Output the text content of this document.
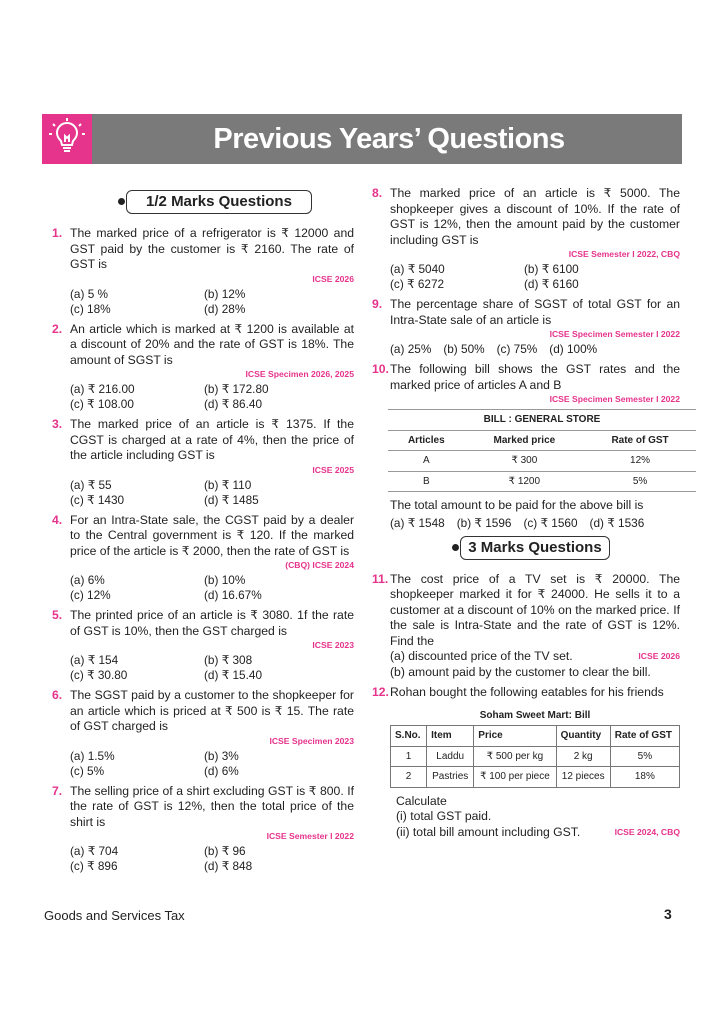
Previous Years’ Questions
1/2 Marks Questions
1. The marked price of a refrigerator is ₹ 12000 and GST paid by the customer is ₹ 2160. The rate of GST is
ICSE 2026
(a) 5 %	(b) 12%
(c) 18%	(d) 28%
2. An article which is marked at ₹ 1200 is available at a discount of 20% and the rate of GST is 18%. The amount of SGST is
ICSE Specimen 2026, 2025
(a) ₹ 216.00	(b) ₹ 172.80
(c) ₹ 108.00	(d) ₹ 86.40
3. The marked price of an article is ₹ 1375. If the CGST is charged at a rate of 4%, then the price of the article including GST is
ICSE 2025
(a) ₹ 55	(b) ₹ 110
(c) ₹ 1430	(d) ₹ 1485
4. For an Intra-State sale, the CGST paid by a dealer to the Central government is ₹ 120. If the marked price of the article is ₹ 2000, then the rate of GST is
(CBQ) ICSE 2024
(a) 6%	(b) 10%
(c) 12%	(d) 16.67%
5. The printed price of an article is ₹ 3080. 1f the rate of GST is 10%, then the GST charged is
ICSE 2023
(a) ₹ 154	(b) ₹ 308
(c) ₹ 30.80	(d) ₹ 15.40
6. The SGST paid by a customer to the shopkeeper for an article which is priced at ₹ 500 is ₹ 15. The rate of GST charged is
ICSE Specimen 2023
(a) 1.5%	(b) 3%
(c) 5%	(d) 6%
7. The selling price of a shirt excluding GST is ₹ 800. If the rate of GST is 12%, then the total price of the shirt is
ICSE Semester I 2022
(a) ₹ 704	(b) ₹ 96
(c) ₹ 896	(d) ₹ 848
8. The marked price of an article is ₹ 5000. The shopkeeper gives a discount of 10%. If the rate of GST is 12%, then the amount paid by the customer including GST is
ICSE Semester I 2022, CBQ
(a) ₹ 5040	(b) ₹ 6100
(c) ₹ 6272	(d) ₹ 6160
9. The percentage share of SGST of total GST for an Intra-State sale of an article is
ICSE Specimen Semester I 2022
(a) 25% (b) 50% (c) 75% (d) 100%
10. The following bill shows the GST rates and the marked price of articles A and B
ICSE Specimen Semester I 2022
BILL : GENERAL STORE
Articles	Marked price	Rate of GST
A	₹ 300	12%
B	₹ 1200	5%
The total amount to be paid for the above bill is
(a) ₹ 1548 (b) ₹ 1596 (c) ₹ 1560 (d) ₹ 1536
3 Marks Questions
11. The cost price of a TV set is ₹ 20000. The shopkeeper marked it for ₹ 24000. He sells it to a customer at a discount of 10% on the marked price. If the sale is Intra-State and the rate of GST is 12%. Find the
(a) discounted price of the TV set.	ICSE 2026
(b) amount paid by the customer to clear the bill.
12. Rohan bought the following eatables for his friends
Soham Sweet Mart: Bill
S.No.	Item	Price	Quantity	Rate of GST
1	Laddu	₹ 500 per kg	2 kg	5%
2	Pastries	₹ 100 per piece	12 pieces	18%
Calculate
(i) total GST paid.
(ii) total bill amount including GST.	ICSE 2024, CBQ
Goods and Services Tax	3
